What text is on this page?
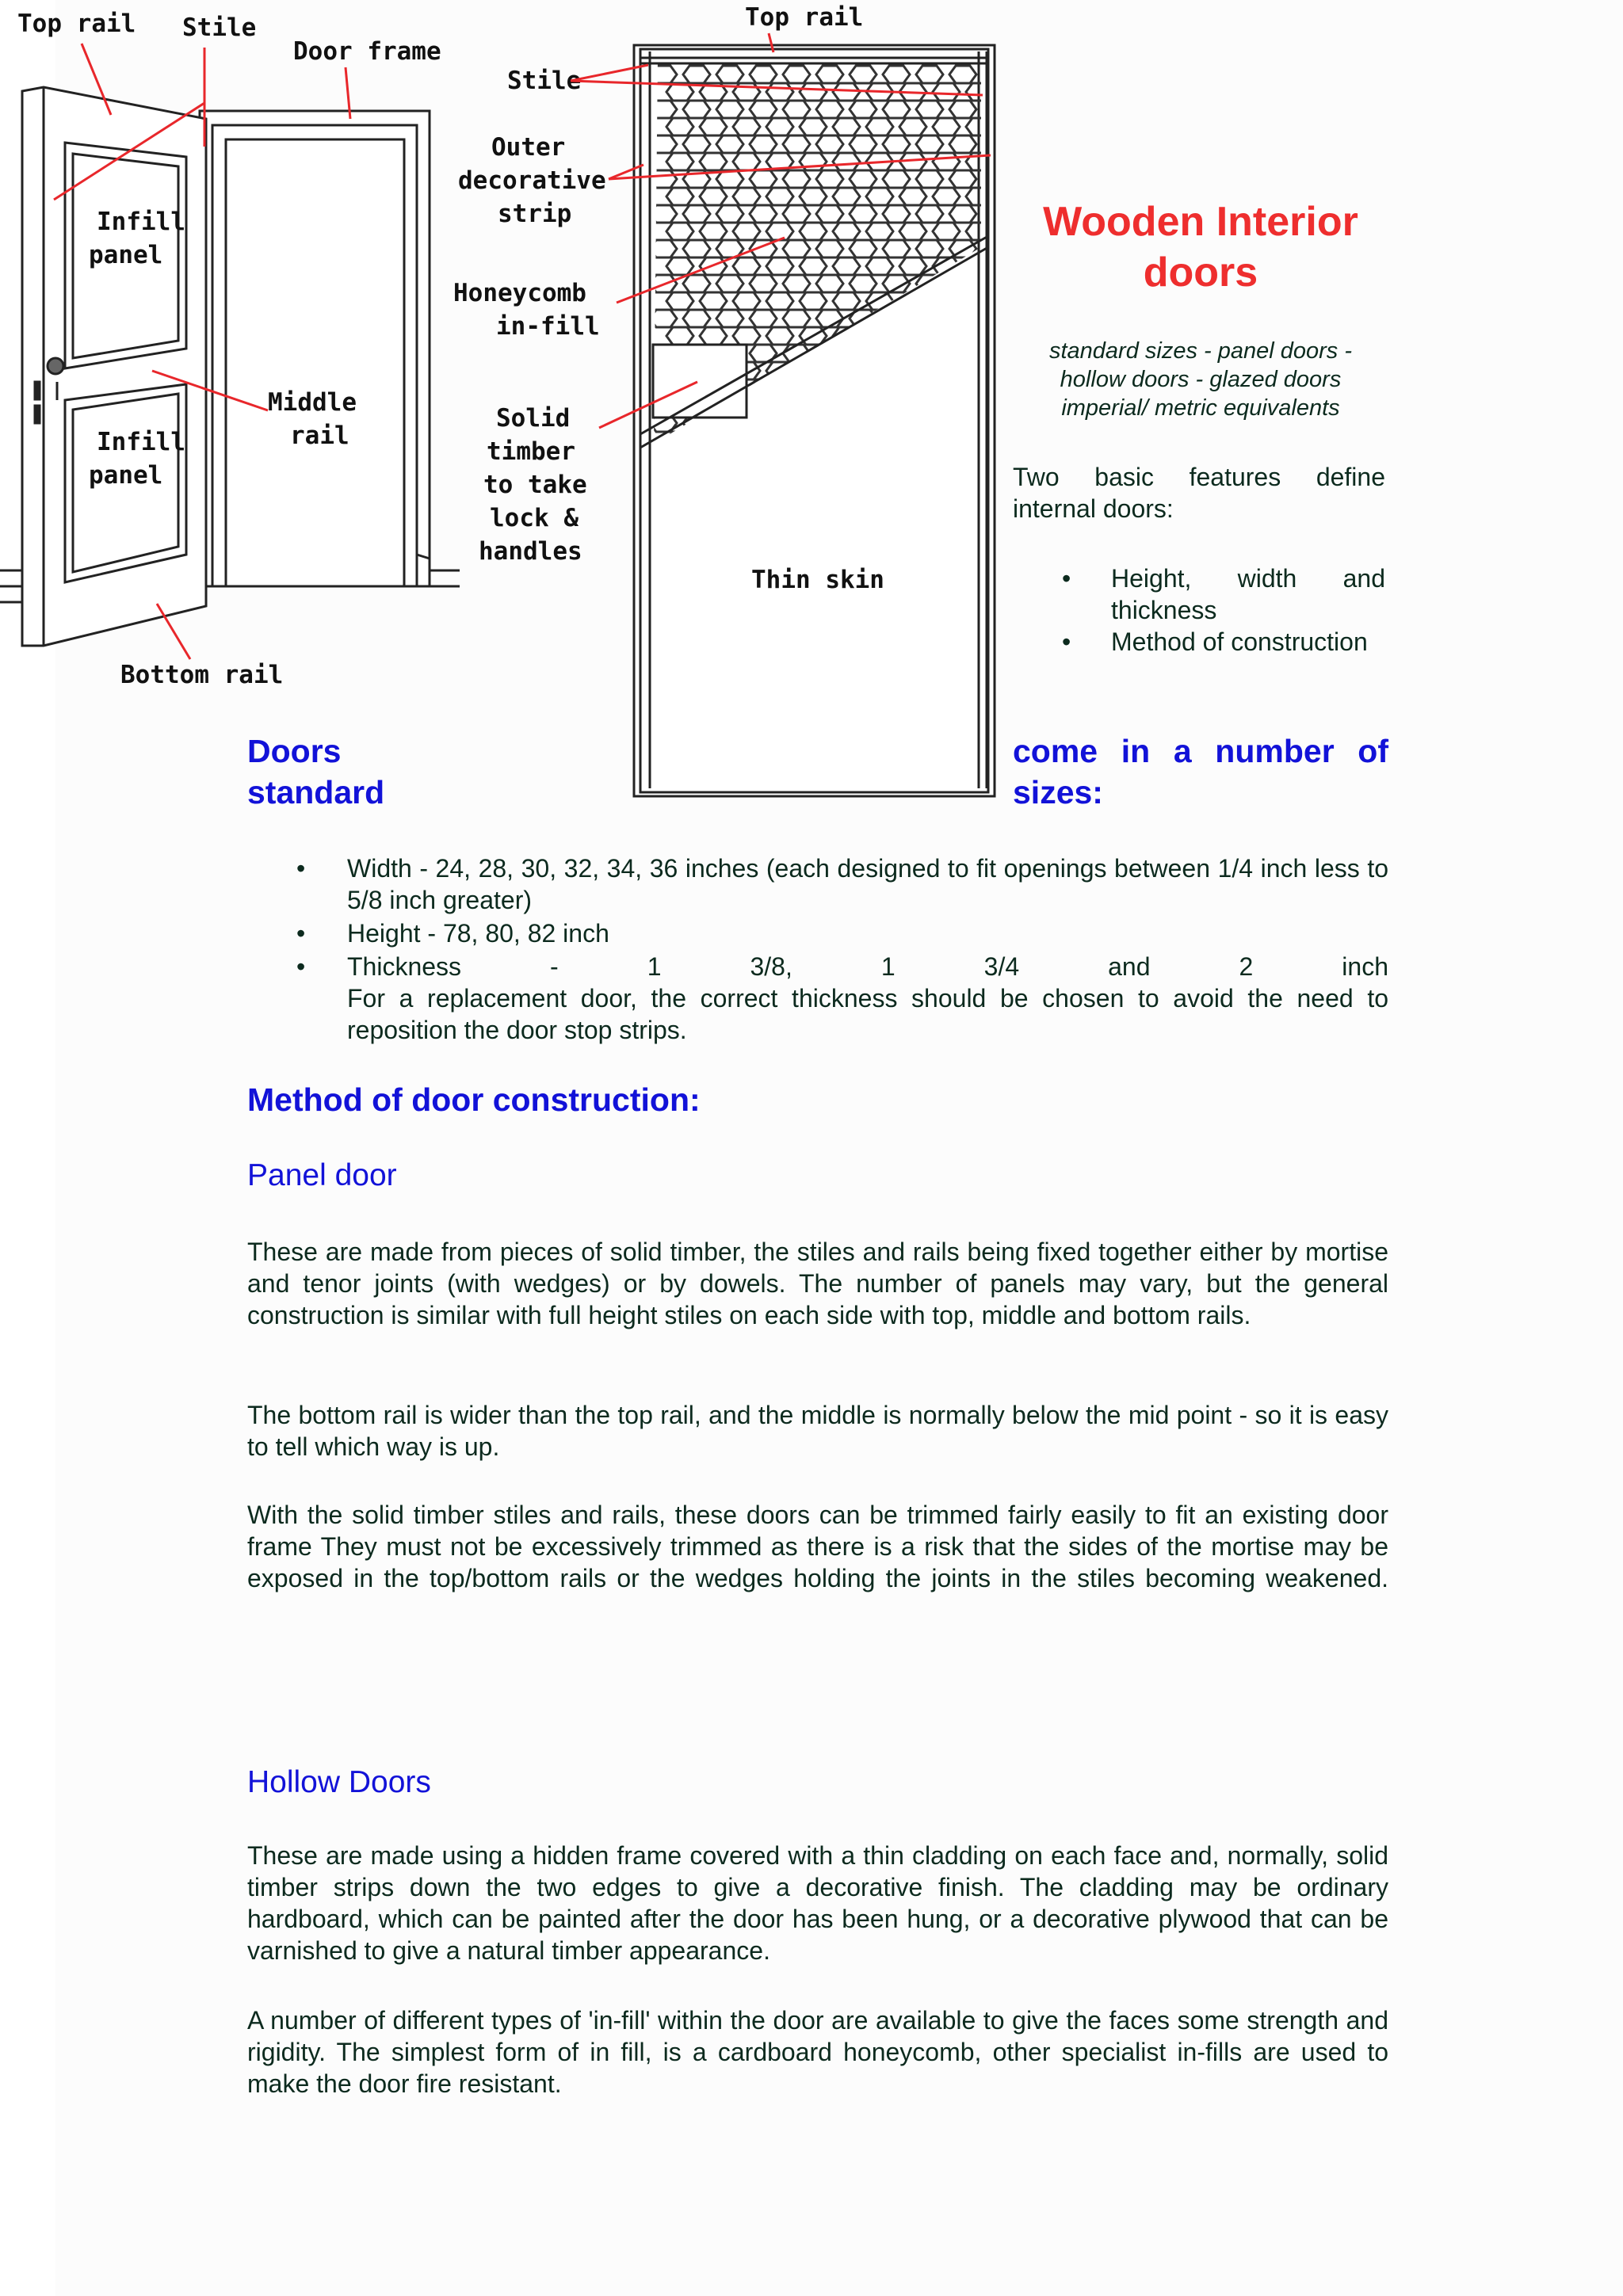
Top rail Stile
Door frame
Infill
panel
Middle
rail
Infill
panel
Bottom rail
Top rail
Stile
Outer
decorative
strip
Honeycomb
in-fill
Solid
timber
to take
lock &
handles
Thin skin
Wooden Interior
doors
standard sizes - panel doors -
hollow doors - glazed doors
imperial/ metric equivalents
Two basic features define internal doors:
• Height, width and thickness
• Method of construction
Doors
standard
come in a number of
sizes:
• Width - 24, 28, 30, 32, 34, 36 inches (each designed to fit openings between 1/4 inch less to 5/8 inch greater)
• Height - 78, 80, 82 inch
• Thickness - 1 3/8, 1 3/4 and 2 inch
For a replacement door, the correct thickness should be chosen to avoid the need to reposition the door stop strips.
Method of door construction:
Panel door
These are made from pieces of solid timber, the stiles and rails being fixed together either by mortise and tenor joints (with wedges) or by dowels. The number of panels may vary, but the general construction is similar with full height stiles on each side with top, middle and bottom rails.
The bottom rail is wider than the top rail, and the middle is normally below the mid point - so it is easy to tell which way is up.
With the solid timber stiles and rails, these doors can be trimmed fairly easily to fit an existing door frame They must not be excessively trimmed as there is a risk that the sides of the mortise may be exposed in the top/bottom rails or the wedges holding the joints in the stiles becoming weakened.
Hollow Doors
These are made using a hidden frame covered with a thin cladding on each face and, normally, solid timber strips down the two edges to give a decorative finish. The cladding may be ordinary hardboard, which can be painted after the door has been hung, or a decorative plywood that can be varnished to give a natural timber appearance.
A number of different types of 'in-fill' within the door are available to give the faces some strength and rigidity. The simplest form of in fill, is a cardboard honeycomb, other specialist in-fills are used to make the door fire resistant.
